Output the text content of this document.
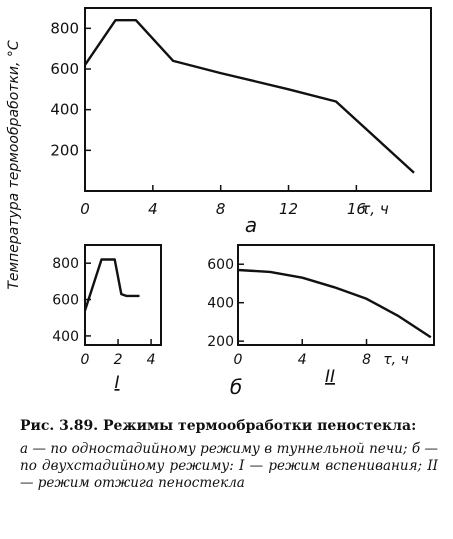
Температура термообработки, °С 200
400
600
800
0	4	8	12	16
τ, ч
а
400
600
800
0 2 4
I
200
400
600
0	4	8 τ, ч
II
б
Рис. 3.89. Режимы термообработки пеностекла:
а — по одностадийному режиму в туннельной печи; б — по двухстадийному режиму: I — режим вспенивания; II — режим отжига пеностекла
